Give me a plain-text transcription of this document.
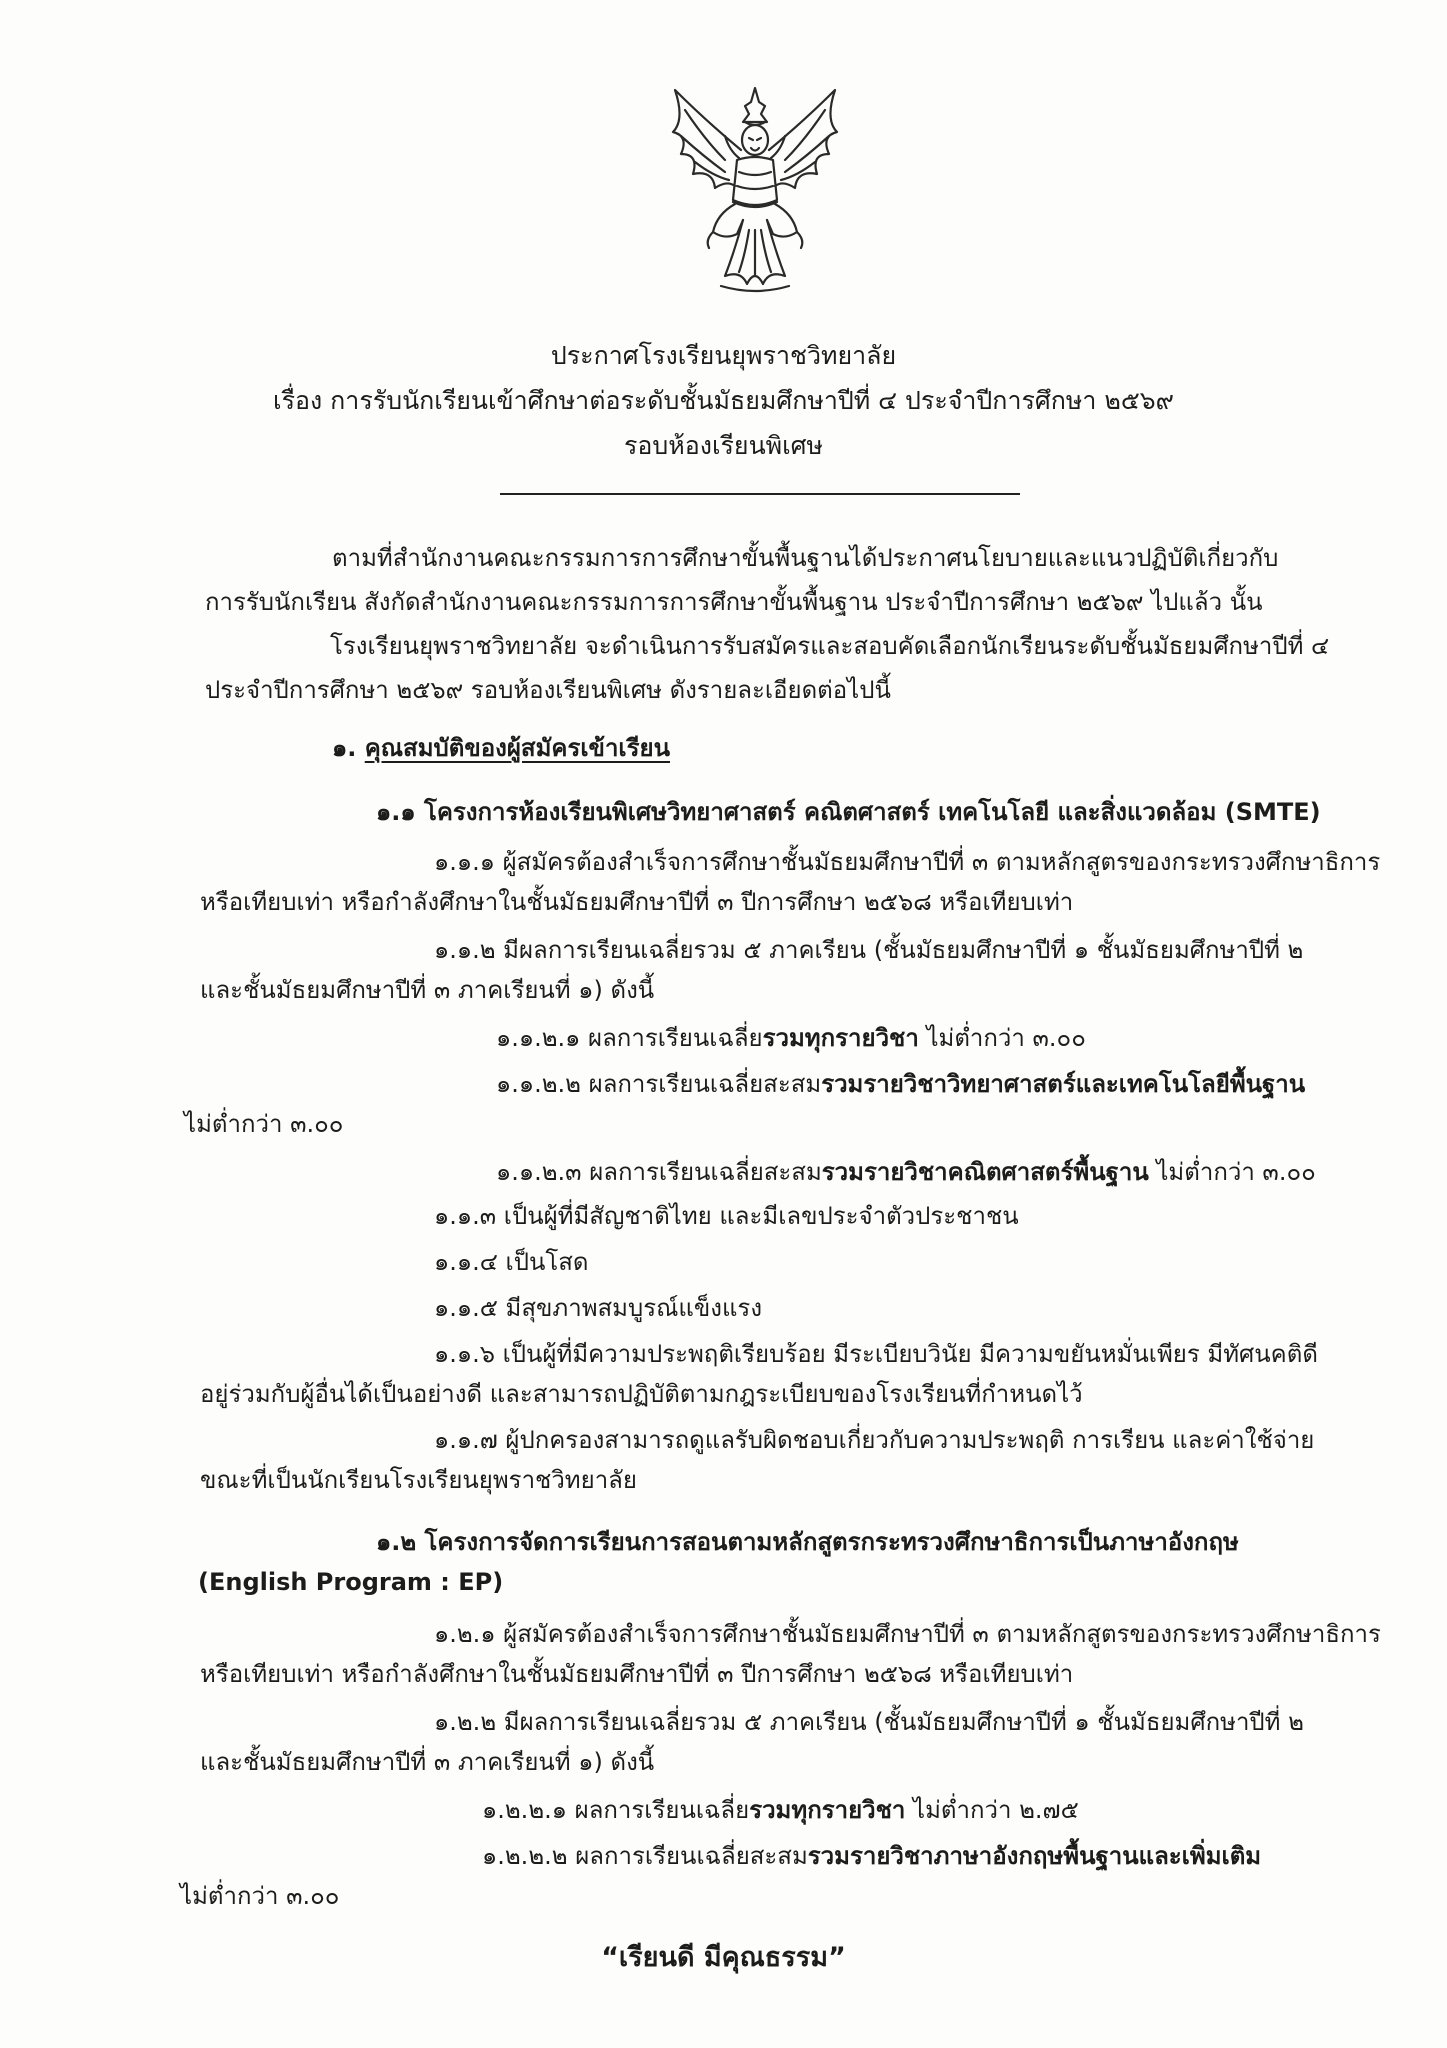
ประกาศโรงเรียนยุพราชวิทยาลัย
เรื่อง การรับนักเรียนเข้าศึกษาต่อระดับชั้นมัธยมศึกษาปีที่ ๔ ประจำปีการศึกษา ๒๕๖๙
รอบห้องเรียนพิเศษ
ตามที่สำนักงานคณะกรรมการการศึกษาขั้นพื้นฐานได้ประกาศนโยบายและแนวปฏิบัติเกี่ยวกับ
การรับนักเรียน สังกัดสำนักงานคณะกรรมการการศึกษาขั้นพื้นฐาน ประจำปีการศึกษา ๒๕๖๙ ไปแล้ว นั้น
โรงเรียนยุพราชวิทยาลัย จะดำเนินการรับสมัครและสอบคัดเลือกนักเรียนระดับชั้นมัธยมศึกษาปีที่ ๔
ประจำปีการศึกษา ๒๕๖๙ รอบห้องเรียนพิเศษ ดังรายละเอียดต่อไปนี้
๑. คุณสมบัติของผู้สมัครเข้าเรียน
๑.๑ โครงการห้องเรียนพิเศษวิทยาศาสตร์ คณิตศาสตร์ เทคโนโลยี และสิ่งแวดล้อม (SMTE)
๑.๑.๑ ผู้สมัครต้องสำเร็จการศึกษาชั้นมัธยมศึกษาปีที่ ๓ ตามหลักสูตรของกระทรวงศึกษาธิการ
หรือเทียบเท่า หรือกำลังศึกษาในชั้นมัธยมศึกษาปีที่ ๓ ปีการศึกษา ๒๕๖๘ หรือเทียบเท่า
๑.๑.๒ มีผลการเรียนเฉลี่ยรวม ๕ ภาคเรียน (ชั้นมัธยมศึกษาปีที่ ๑ ชั้นมัธยมศึกษาปีที่ ๒
และชั้นมัธยมศึกษาปีที่ ๓ ภาคเรียนที่ ๑) ดังนี้
๑.๑.๒.๑ ผลการเรียนเฉลี่ยรวมทุกรายวิชา ไม่ต่ำกว่า ๓.๐๐
๑.๑.๒.๒ ผลการเรียนเฉลี่ยสะสมรวมรายวิชาวิทยาศาสตร์และเทคโนโลยีพื้นฐาน
ไม่ต่ำกว่า ๓.๐๐
๑.๑.๒.๓ ผลการเรียนเฉลี่ยสะสมรวมรายวิชาคณิตศาสตร์พื้นฐาน ไม่ต่ำกว่า ๓.๐๐
๑.๑.๓ เป็นผู้ที่มีสัญชาติไทย และมีเลขประจำตัวประชาชน
๑.๑.๔ เป็นโสด
๑.๑.๕ มีสุขภาพสมบูรณ์แข็งแรง
๑.๑.๖ เป็นผู้ที่มีความประพฤติเรียบร้อย มีระเบียบวินัย มีความขยันหมั่นเพียร มีทัศนคติดี
อยู่ร่วมกับผู้อื่นได้เป็นอย่างดี และสามารถปฏิบัติตามกฎระเบียบของโรงเรียนที่กำหนดไว้
๑.๑.๗ ผู้ปกครองสามารถดูแลรับผิดชอบเกี่ยวกับความประพฤติ การเรียน และค่าใช้จ่าย
ขณะที่เป็นนักเรียนโรงเรียนยุพราชวิทยาลัย
๑.๒ โครงการจัดการเรียนการสอนตามหลักสูตรกระทรวงศึกษาธิการเป็นภาษาอังกฤษ
(English Program : EP)
๑.๒.๑ ผู้สมัครต้องสำเร็จการศึกษาชั้นมัธยมศึกษาปีที่ ๓ ตามหลักสูตรของกระทรวงศึกษาธิการ
หรือเทียบเท่า หรือกำลังศึกษาในชั้นมัธยมศึกษาปีที่ ๓ ปีการศึกษา ๒๕๖๘ หรือเทียบเท่า
๑.๒.๒ มีผลการเรียนเฉลี่ยรวม ๕ ภาคเรียน (ชั้นมัธยมศึกษาปีที่ ๑ ชั้นมัธยมศึกษาปีที่ ๒
และชั้นมัธยมศึกษาปีที่ ๓ ภาคเรียนที่ ๑) ดังนี้
๑.๒.๒.๑ ผลการเรียนเฉลี่ยรวมทุกรายวิชา ไม่ต่ำกว่า ๒.๗๕
๑.๒.๒.๒ ผลการเรียนเฉลี่ยสะสมรวมรายวิชาภาษาอังกฤษพื้นฐานและเพิ่มเติม
ไม่ต่ำกว่า ๓.๐๐
“เรียนดี มีคุณธรรม”
